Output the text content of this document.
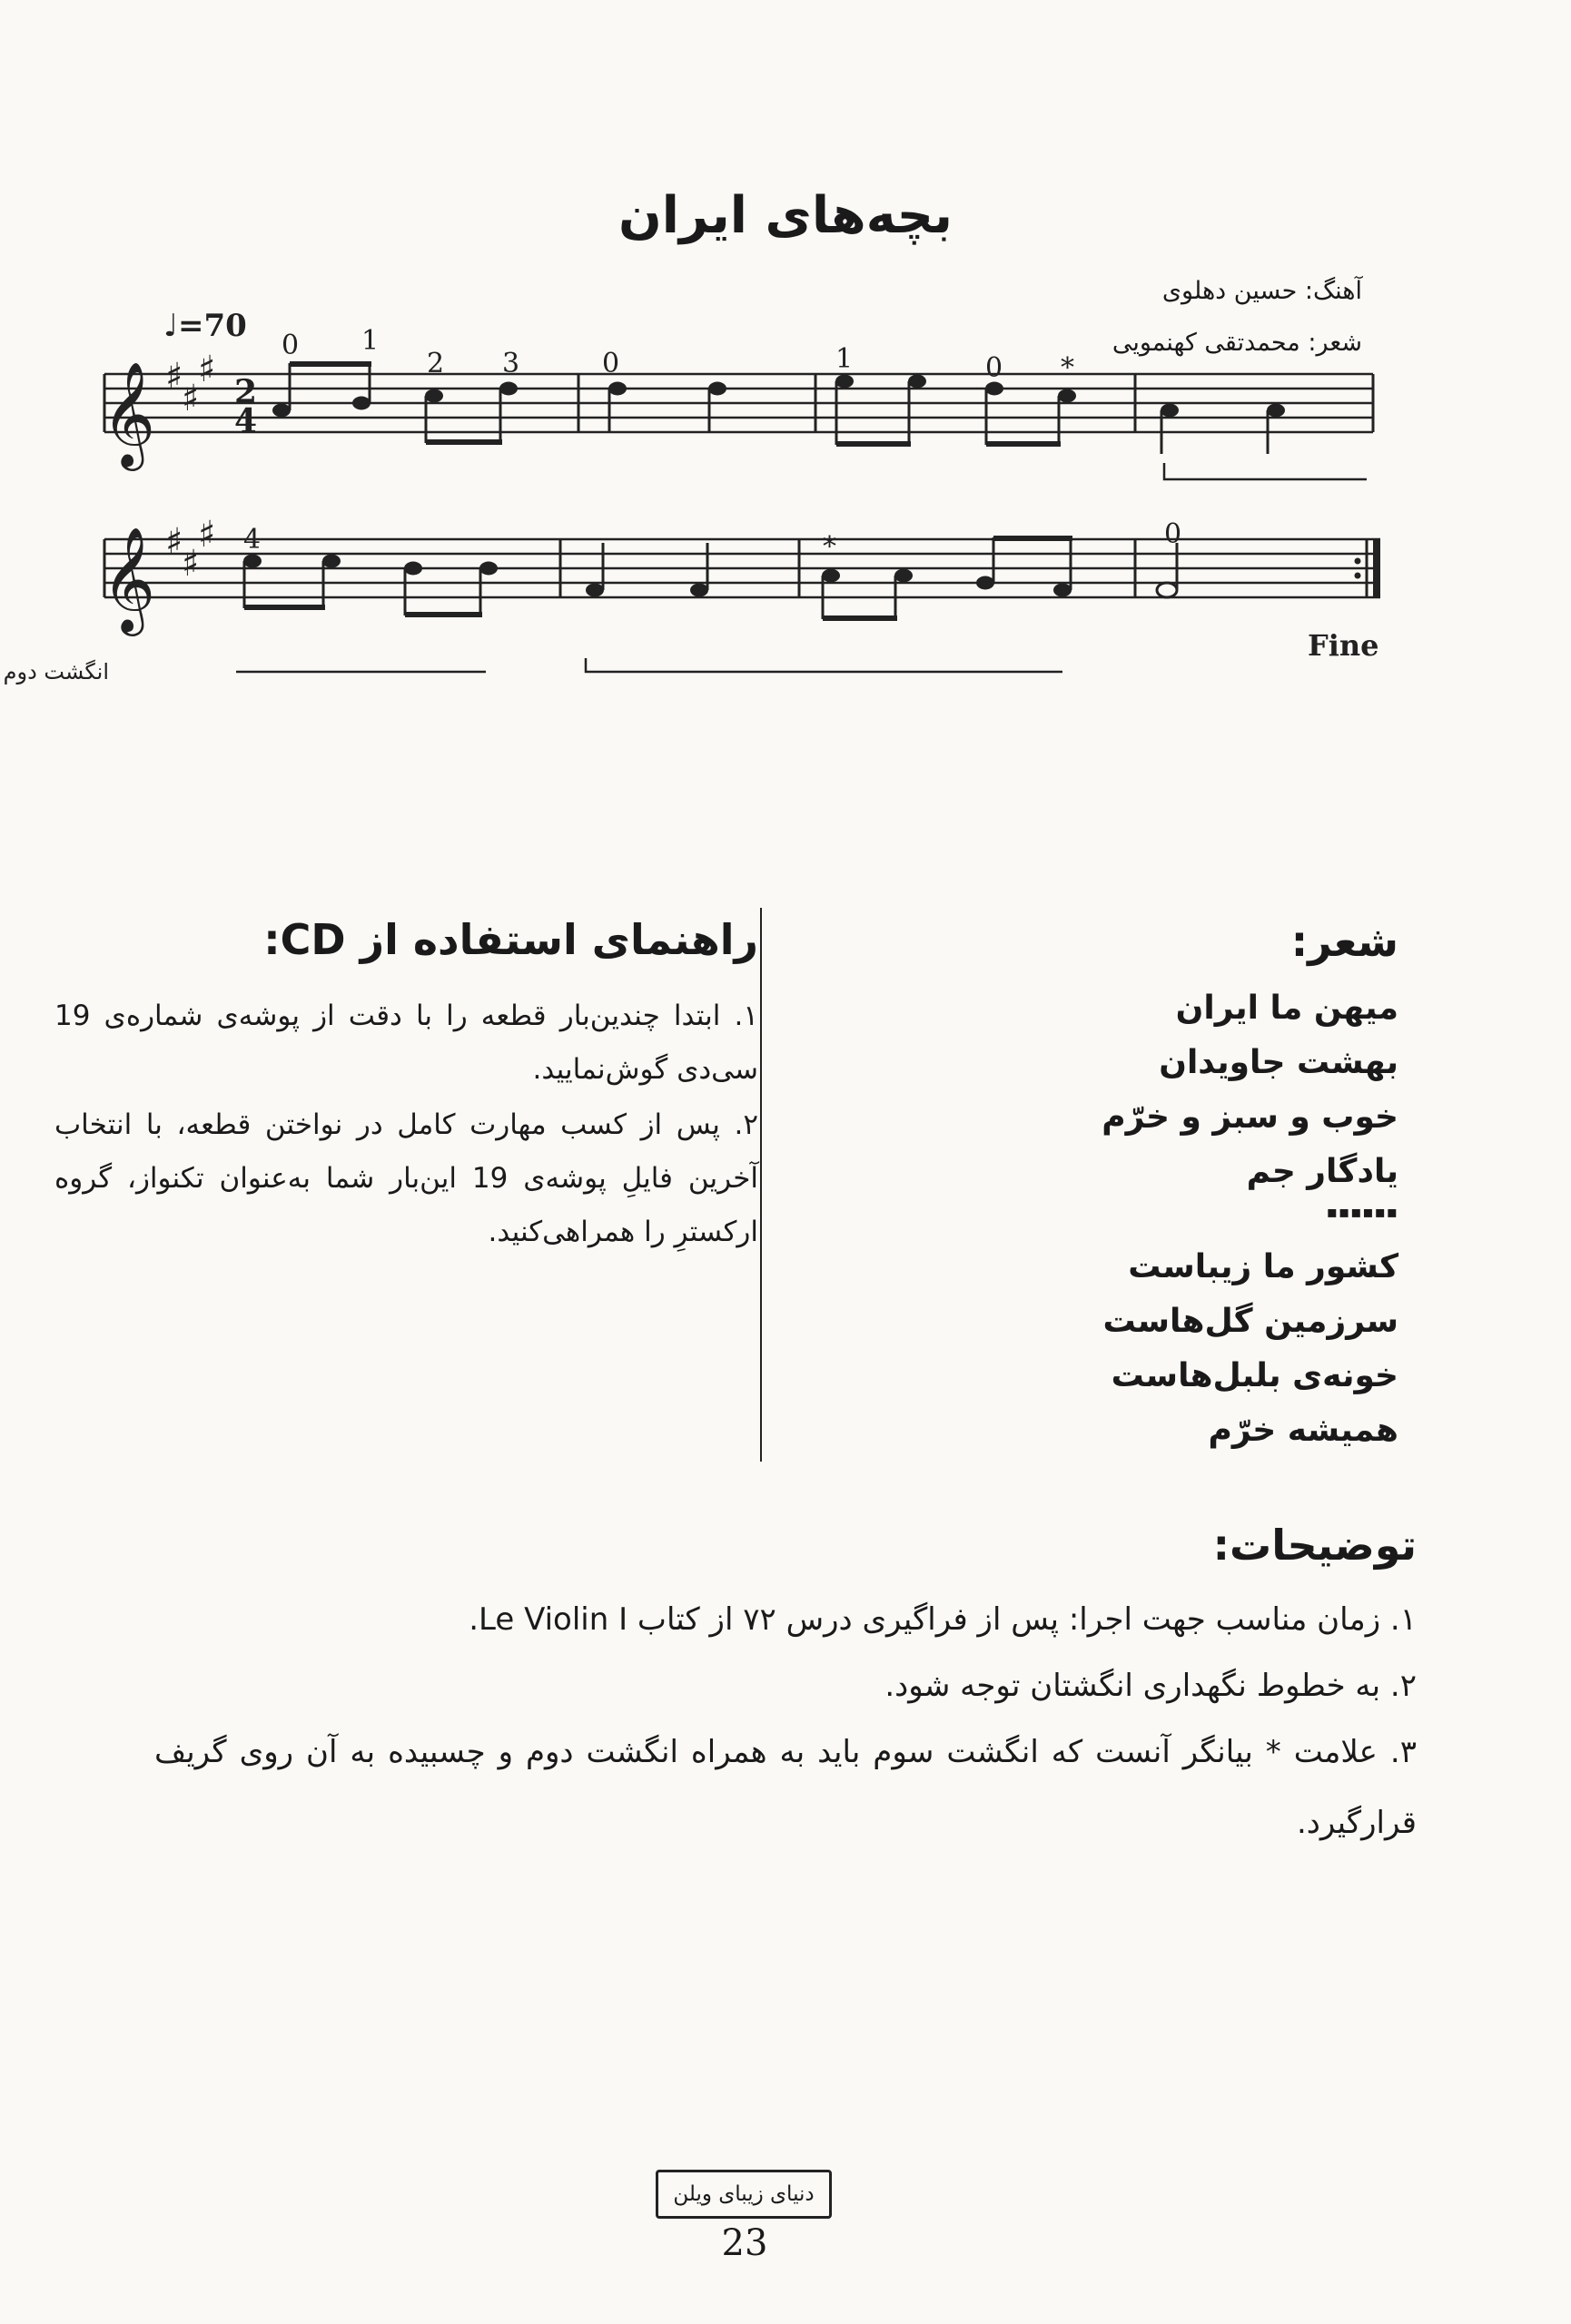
بچه‌های ایران
آهنگ: حسین دهلوی
شعر: محمدتقی کهنمویی
𝄞
𝄞
♯
♯
♯
♯
♯
♯
2
4
♩=70
0 1
2 3	0	1	0 *
4	*	0
انگشت دوم
Fine
شعر:
میهن ما ایران
بهشت جاویدان
خوب و سبز و خرّم
یادگار جم
▪▪▪▪▪▪
کشور ما زیباست
سرزمین گل‌هاست
خونه‌ی بلبل‌هاست
همیشه خرّم
راهنمای استفاده از CD:
۱. ابتدا چندین‌بار قطعه را با دقت از پوشه‌ی شماره‌ی 19 سی‌دی گوش‌نمایید.
۲. پس از کسب مهارت کامل در نواختن قطعه، با انتخاب آخرین فایلِ پوشه‌ی 19 این‌بار شما به‌عنوان تکنواز، گروه ارکسترِ را همراهی‌کنید.
توضیحات:
۱. زمان مناسب جهت اجرا: پس از فراگیری درس ۷۲ از کتاب Le Violin I.
۲. به خطوط نگهداری انگشتان توجه شود.
۳. علامت * بیانگر آنست که انگشت سوم باید به همراه انگشت دوم و چسبیده به آن روی گریف قرارگیرد.
دنیای زیبای ویلن
23
